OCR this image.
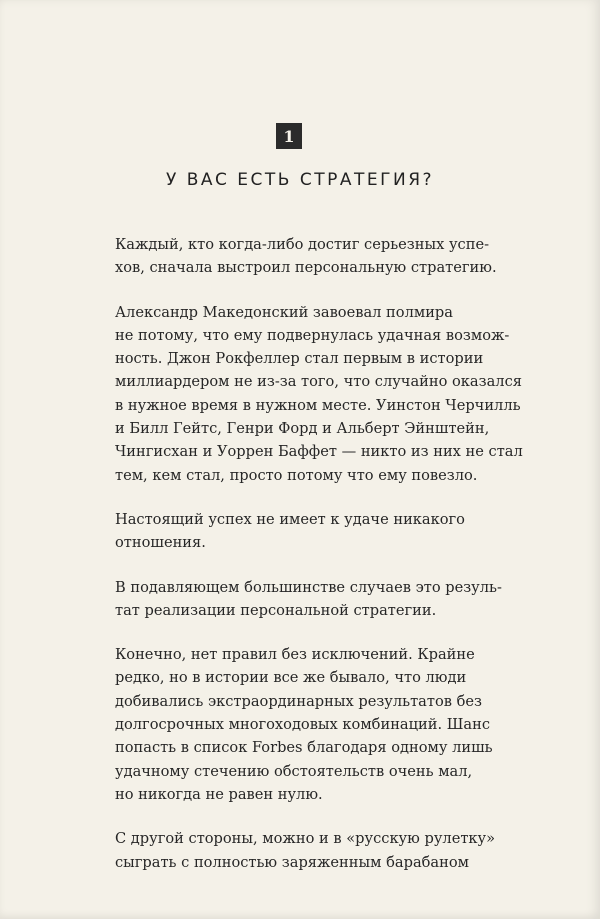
1
У ВАС ЕСТЬ СТРАТЕГИЯ?

Каждый, кто когда-либо достиг серьезных успе-
хов, сначала выстроил персональную стратегию.

Александр Македонский завоевал полмира
не потому, что ему подвернулась удачная возмож-
ность. Джон Рокфеллер стал первым в истории
миллиардером не из-за того, что случайно оказался
в нужное время в нужном месте. Уинстон Черчилль
и Билл Гейтс, Генри Форд и Альберт Эйнштейн,
Чингисхан и Уоррен Баффет — никто из них не стал
тем, кем стал, просто потому что ему повезло.

Настоящий успех не имеет к удаче никакого
отношения.

В подавляющем большинстве случаев это резуль-
тат реализации персональной стратегии.

Конечно, нет правил без исключений. Крайне
редко, но в истории все же бывало, что люди
добивались экстраординарных результатов без
долгосрочных многоходовых комбинаций. Шанс
попасть в список Forbes благодаря одному лишь
удачному стечению обстоятельств очень мал,
но никогда не равен нулю.

С другой стороны, можно и в «русскую рулетку»
сыграть с полностью заряженным барабаном
